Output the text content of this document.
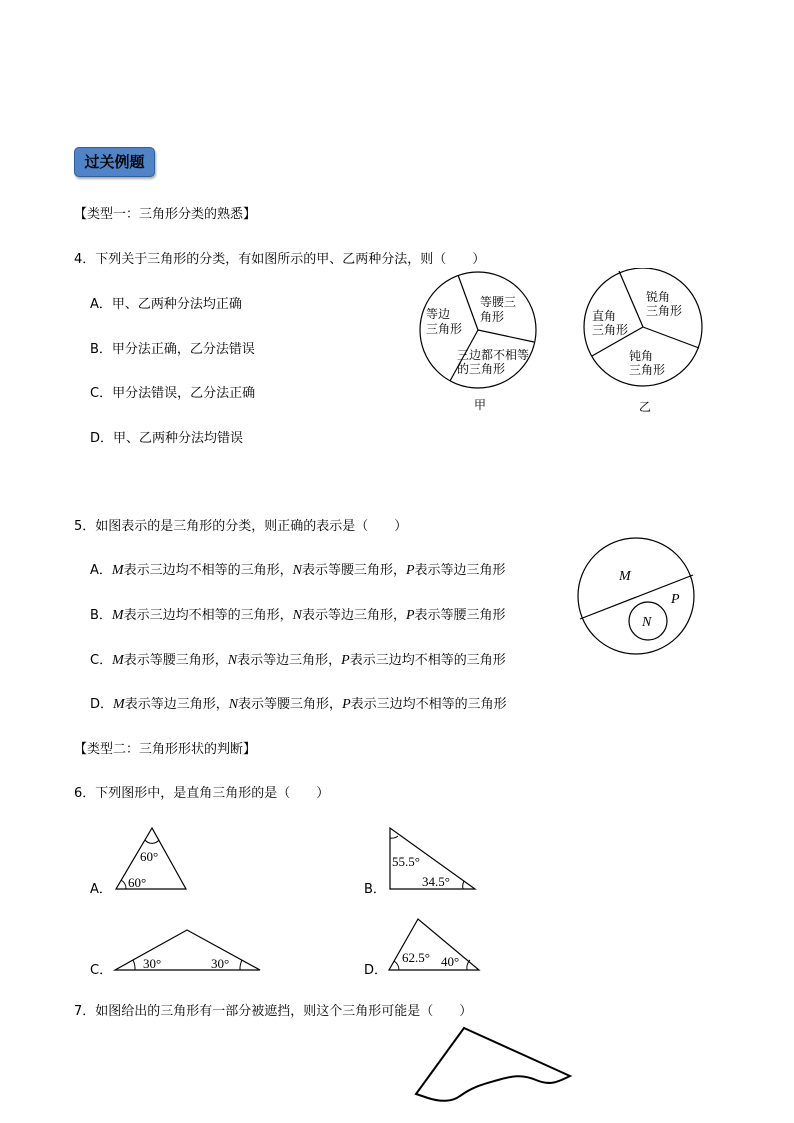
过关例题
【类型一：三角形分类的熟悉】
4．下列关于三角形的分类，有如图所示的甲、乙两种分法，则（　　）
A．甲、乙两种分法均正确
B．甲分法正确，乙分法错误
C．甲分法错误，乙分法正确
D．甲、乙两种分法均错误
等边
三角形
等腰三
角形
三边都不相等
的三角形
甲
直角
三角形
锐角
三角形
钝角
三角形
乙
5．如图表示的是三角形的分类，则正确的表示是（　　）
A．M表示三边均不相等的三角形，N表示等腰三角形，P表示等边三角形
B．M表示三边均不相等的三角形，N表示等边三角形，P表示等腰三角形
C．M表示等腰三角形，N表示等边三角形，P表示三边均不相等的三角形
D．M表示等边三角形，N表示等腰三角形，P表示三边均不相等的三角形
M
P
N
【类型二：三角形形状的判断】
6．下列图形中，是直角三角形的是（　　）
A．
60°
60°	B．
55.5°
34.5°
C． 30°	30°	D．
62.5° 40°
7．如图给出的三角形有一部分被遮挡，则这个三角形可能是（　　）
